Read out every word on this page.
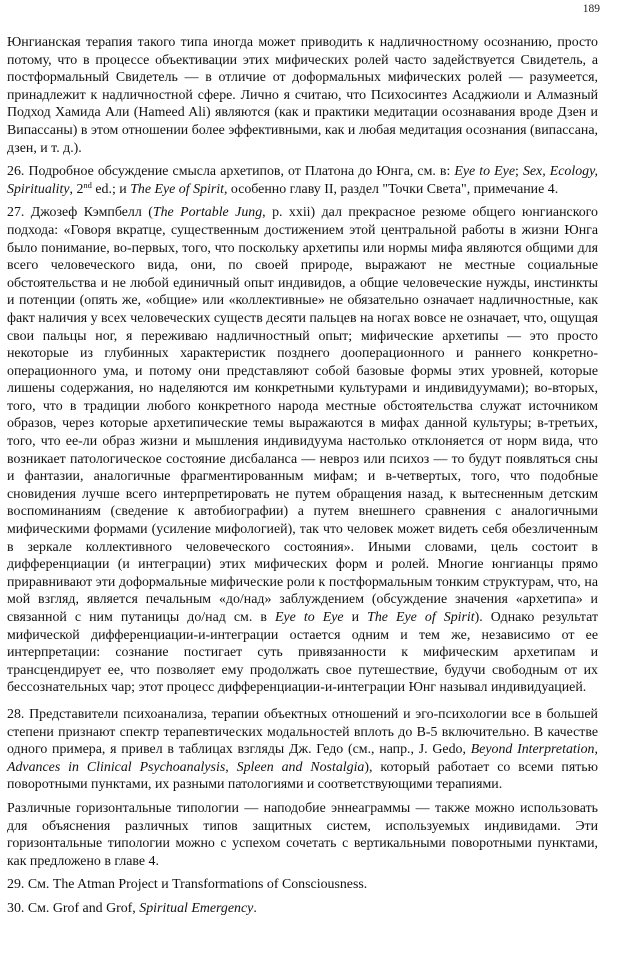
189

Юнгианская терапия такого типа иногда может приводить к надличностному осознанию, просто потому, что в процессе объективации этих мифических ролей часто задействуется Свидетель, а постформальный Свидетель — в отличие от доформальных мифических ролей — разумеется, принадлежит к надличностной сфере. Лично я считаю, что Психосинтез Асаджиоли и Алмазный Подход Хамида Али (Hameed Ali) являются (как и практики медитации осознавания вроде Дзен и Випассаны) в этом отношении более эффективными, как и любая медитация осознания (випассана, дзен, и т. д.).

26. Подробное обсуждение смысла архетипов, от Платона до Юнга, см. в: Eye to Eye; Sex, Ecology, Spirituality, 2nd ed.; и The Eye of Spirit, особенно главу II, раздел "Точки Света", примечание 4.

27. Джозеф Кэмпбелл (The Portable Jung, p. xxii) дал прекрасное резюме общего юнгианского подхода: «Говоря вкратце, существенным достижением этой центральной работы в жизни Юнга было понимание, во-первых, того, что поскольку архетипы или нормы мифа являются общими для всего человеческого вида, они, по своей природе, выражают не местные социальные обстоятельства и не любой единичный опыт индивидов, а общие человеческие нужды, инстинкты и потенции (опять же, «общие» или «коллективные» не обязательно означает надличностные, как факт наличия у всех человеческих существ десяти пальцев на ногах вовсе не означает, что, ощущая свои пальцы ног, я переживаю надличностный опыт; мифические архетипы — это просто некоторые из глубинных характеристик позднего дооперационного и раннего конкретно-операционного ума, и потому они представляют собой базовые формы этих уровней, которые лишены содержания, но наделяются им конкретными культурами и индивидуумами); во-вторых, того, что в традиции любого конкретного народа местные обстоятельства служат источником образов, через которые архетипические темы выражаются в мифах данной культуры; в-третьих, того, что ее-ли образ жизни и мышления индивидуума настолько отклоняется от норм вида, что возникает патологическое состояние дисбаланса — невроз или психоз — то будут появляться сны и фантазии, аналогичные фрагментированным мифам; и в-четвертых, того, что подобные сновидения лучше всего интерпретировать не путем обращения назад, к вытесненным детским воспоминаниям (сведение к автобиографии) а путем внешнего сравнения с аналогичными мифическими формами (усиление мифологией), так что человек может видеть себя обезличенным в зеркале коллективного человеческого состояния». Иными словами, цель состоит в дифференциации (и интеграции) этих мифических форм и ролей. Многие юнгианцы прямо приравнивают эти доформальные мифические роли к постформальным тонким структурам, что, на мой взгляд, является печальным «до/над» заблуждением (обсуждение значения «архетипа» и связанной с ним путаницы до/над см. в Eye to Eye и The Eye of Spirit). Однако результат мифической дифференциации-и-интеграции остается одним и тем же, независимо от ее интерпретации: сознание постигает суть привязанности к мифическим архетипам и трансцендирует ее, что позволяет ему продолжать свое путешествие, будучи свободным от их бессознательных чар; этот процесс дифференциации-и-интеграции Юнг называл индивидуацией.

28. Представители психоанализа, терапии объектных отношений и эго-психологии все в большей степени признают спектр терапевтических модальностей вплоть до В-5 включительно. В качестве одного примера, я привел в таблицах взгляды Дж. Гедо (см., напр., J. Gedo, Beyond Interpretation, Advances in Clinical Psychoanalysis, Spleen and Nostalgia), который работает со всеми пятью поворотными пунктами, их разными патологиями и соответствующими терапиями.

Различные горизонтальные типологии — наподобие эннеаграммы — также можно использовать для объяснения различных типов защитных систем, используемых индивидами. Эти горизонтальные типологии можно с успехом сочетать с вертикальными поворотными пунктами, как предложено в главе 4.

29. См. The Atman Project и Transformations of Consciousness.

30. См. Grof and Grof, Spiritual Emergency.
